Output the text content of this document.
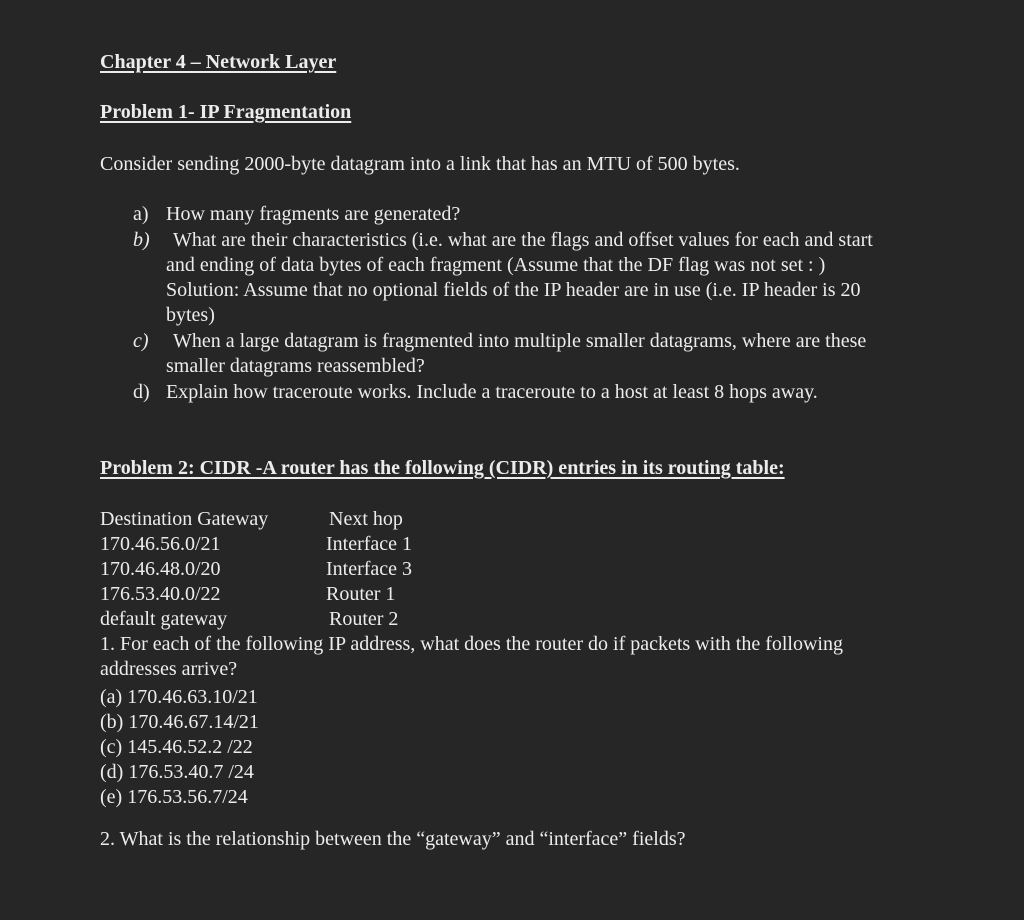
Chapter 4 – Network Layer
Problem 1- IP Fragmentation
Consider sending 2000-byte datagram into a link that has an MTU of 500 bytes.
a) How many fragments are generated?
b) What are their characteristics (i.e. what are the flags and offset values for each and start
and ending of data bytes of each fragment (Assume that the DF flag was not set : )
Solution: Assume that no optional fields of the IP header are in use (i.e. IP header is 20
bytes)
c) When a large datagram is fragmented into multiple smaller datagrams, where are these
smaller datagrams reassembled?
d) Explain how traceroute works. Include a traceroute to a host at least 8 hops away.
Problem 2: CIDR -A router has the following (CIDR) entries in its routing table:
Destination Gateway	Next hop
170.46.56.0/21	Interface 1
170.46.48.0/20	Interface 3
176.53.40.0/22	Router 1
default gateway	Router 2
1. For each of the following IP address, what does the router do if packets with the following
addresses arrive?
(a) 170.46.63.10/21
(b) 170.46.67.14/21
(c) 145.46.52.2 /22
(d) 176.53.40.7 /24
(e) 176.53.56.7/24
2. What is the relationship between the “gateway” and “interface” fields?
